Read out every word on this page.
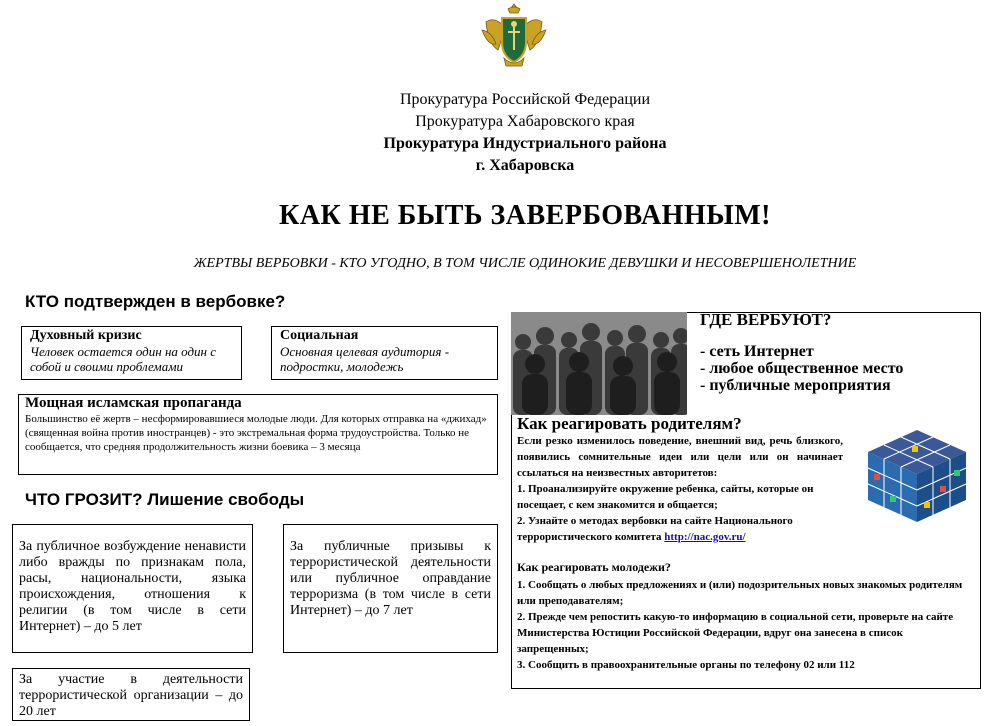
Прокуратура Российской Федерации
Прокуратура Хабаровского края
Прокуратура Индустриального района
г. Хабаровска
КАК НЕ БЫТЬ ЗАВЕРБОВАННЫМ!
ЖЕРТВЫ ВЕРБОВКИ - КТО УГОДНО, В ТОМ ЧИСЛЕ ОДИНОКИЕ ДЕВУШКИ И НЕСОВЕРШЕНОЛЕТНИЕ
КТО подтвержден в вербовке?
Духовный кризис
Человек остается один на один с собой и своими проблемами
Социальная
Основная целевая аудитория - подростки, молодежь
Мощная исламская пропаганда
Большинство её жертв – несформировавшиеся молодые люди. Для которых отправка на «джихад» (священная война против иностранцев) - это экстремальная форма трудоустройства. Только не сообщается, что средняя продолжительность жизни боевика – 3 месяца
ЧТО ГРОЗИТ? Лишение свободы
За публичное возбуждение ненависти либо вражды по признакам пола, расы, национальности, языка происхождения, отношения к религии (в том числе в сети Интернет) – до 5 лет
За публичные призывы к террористической деятельности или публичное оправдание терроризма (в том числе в сети Интернет) – до 7 лет
За участие в деятельности террористической организации – до 20 лет
ГДЕ ВЕРБУЮТ?
- сеть Интернет
- любое общественное место
- публичные мероприятия
Как реагировать родителям?
Если резко изменилось поведение, внешний вид, речь близкого, появились сомнительные идеи или цели или он начинает ссылаться на неизвестных авторитетов:
1. Проанализируйте окружение ребенка, сайты, которые он посещает, с кем знакомится и общается;
2. Узнайте о методах вербовки на сайте Национального террористического комитета http://nac.gov.ru/
Как реагировать молодежи?
1. Сообщать о любых предложениях и (или) подозрительных новых знакомых родителям или преподавателям;
2. Прежде чем репостить какую-то информацию в социальной сети, проверьте на сайте Министерства Юстиции Российской Федерации, вдруг она занесена в список запрещенных;
3. Сообщить в правоохранительные органы по телефону 02 или 112
